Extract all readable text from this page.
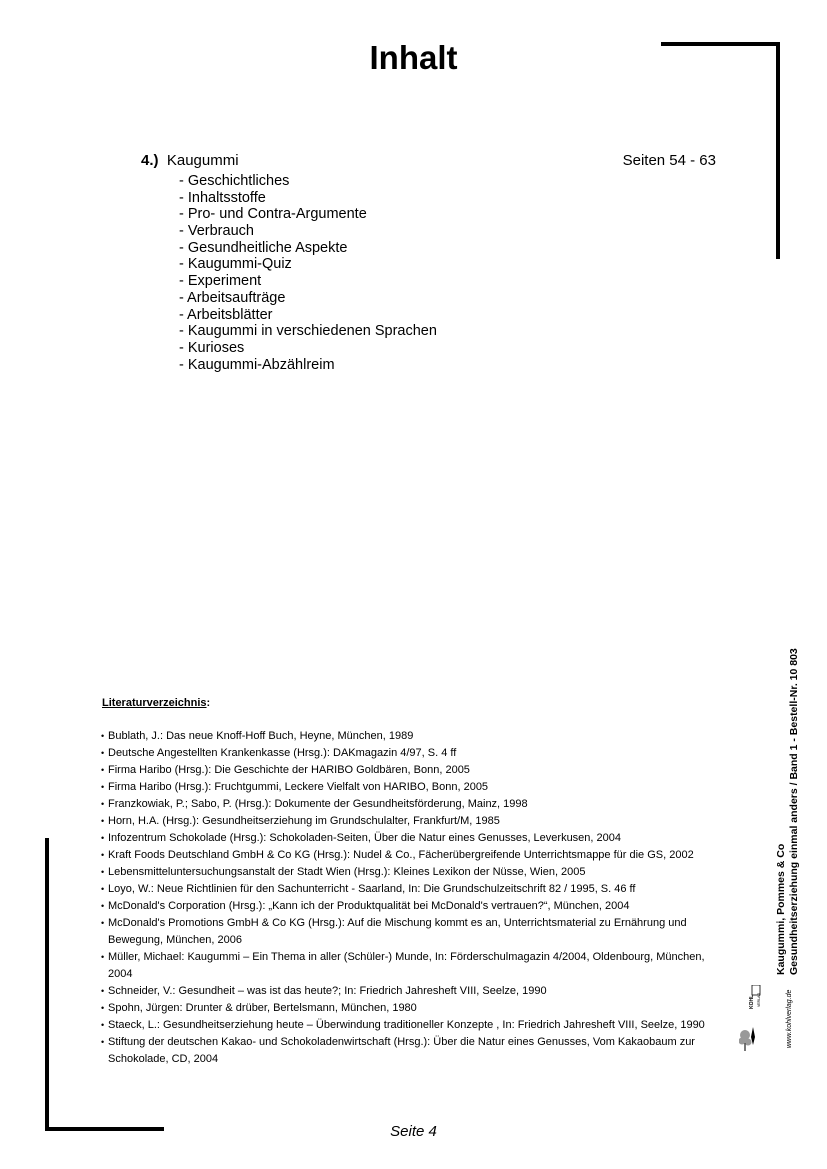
Inhalt
4.) Kaugummi	Seiten 54 - 63
- Geschichtliches
- Inhaltsstoffe
- Pro- und Contra-Argumente
- Verbrauch
- Gesundheitliche Aspekte
- Kaugummi-Quiz
- Experiment
- Arbeitsaufträge
- Arbeitsblätter
- Kaugummi in verschiedenen Sprachen
- Kurioses
- Kaugummi-Abzählreim

Literaturverzeichnis:

• Bublath, J.: Das neue Knoff-Hoff Buch, Heyne, München, 1989
• Deutsche Angestellten Krankenkasse (Hrsg.): DAKmagazin 4/97, S. 4 ff
• Firma Haribo (Hrsg.): Die Geschichte der HARIBO Goldbären, Bonn, 2005
• Firma Haribo (Hrsg.): Fruchtgummi, Leckere Vielfalt von HARIBO, Bonn, 2005
• Franzkowiak, P.; Sabo, P. (Hrsg.): Dokumente der Gesundheitsförderung, Mainz, 1998
• Horn, H.A. (Hrsg.): Gesundheitserziehung im Grundschulalter, Frankfurt/M, 1985
• Infozentrum Schokolade (Hrsg.): Schokoladen-Seiten, Über die Natur eines Genusses, Leverkusen, 2004
• Kraft Foods Deutschland GmbH & Co KG (Hrsg.): Nudel & Co., Fächerübergreifende Unterrichtsmappe für die GS, 2002
• Lebensmitteluntersuchungsanstalt der Stadt Wien (Hrsg.): Kleines Lexikon der Nüsse, Wien, 2005
• Loyo, W.: Neue Richtlinien für den Sachunterricht - Saarland, In: Die Grundschulzeitschrift 82 / 1995, S. 46 ff
• McDonald's Corporation (Hrsg.): „Kann ich der Produktqualität bei McDonald's vertrauen?“, München, 2004
• McDonald's Promotions GmbH & Co KG (Hrsg.): Auf die Mischung kommt es an, Unterrichtsmaterial zu Ernährung und Bewegung, München, 2006
• Müller, Michael: Kaugummi – Ein Thema in aller (Schüler-) Munde, In: Förderschulmagazin 4/2004, Oldenbourg, München, 2004
• Schneider, V.: Gesundheit – was ist das heute?; In: Friedrich Jahresheft VIII, Seelze, 1990
• Spohn, Jürgen: Drunter & drüber, Bertelsmann, München, 1980
• Staeck, L.: Gesundheitserziehung heute – Überwindung traditioneller Konzepte , In: Friedrich Jahresheft VIII, Seelze, 1990
• Stiftung der deutschen Kakao- und Schokoladenwirtschaft (Hrsg.): Über die Natur eines Genusses, Vom Kakaobaum zur Schokolade, CD, 2004
Kaugummi, Pommes & Co Gesundheitserziehung einmal anders / Band 1 - Bestell-Nr. 10 803
KOHL VERLAG	www.kohlverlag.de
Seite 4
